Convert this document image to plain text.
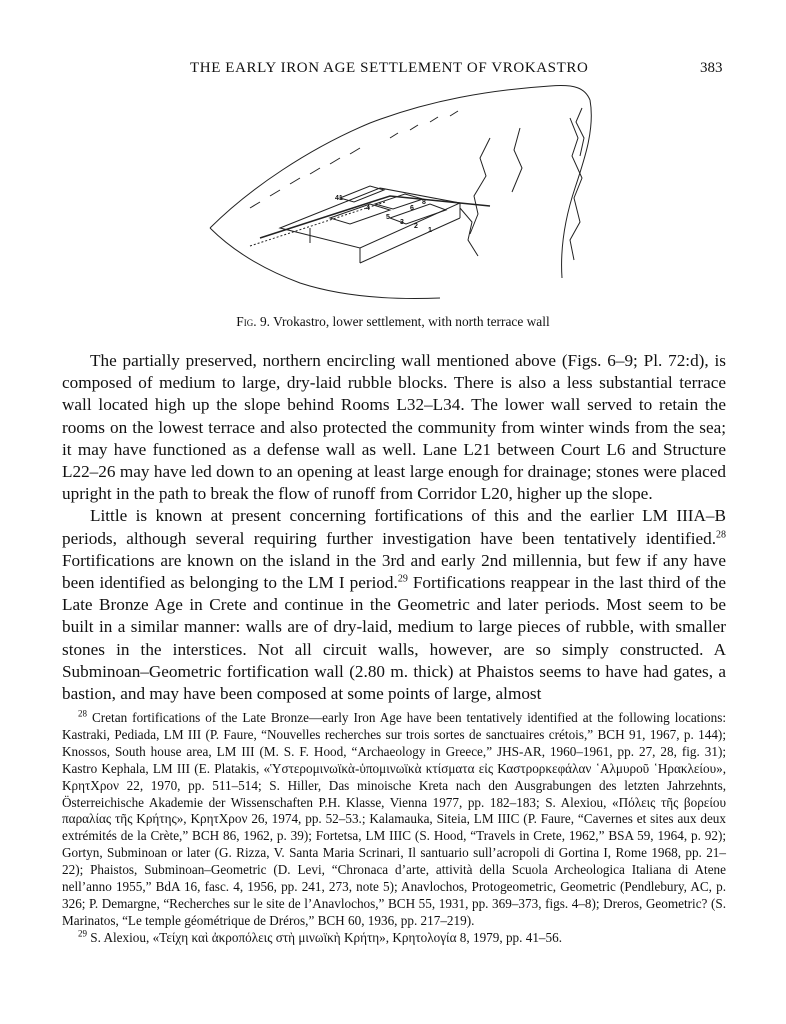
THE EARLY IRON AGE SETTLEMENT OF VROKASTRO	383
41
8
5
3
2
1
4	6
Fig. 9. Vrokastro, lower settlement, with north terrace wall

The partially preserved, northern encircling wall mentioned above (Figs. 6–9; Pl. 72:d), is composed of medium to large, dry-laid rubble blocks. There is also a less substantial terrace wall located high up the slope behind Rooms L32–L34. The lower wall served to retain the rooms on the lowest terrace and also protected the community from winter winds from the sea; it may have functioned as a defense wall as well. Lane L21 between Court L6 and Structure L22–26 may have led down to an opening at least large enough for drainage; stones were placed upright in the path to break the flow of runoff from Corridor L20, higher up the slope.

Little is known at present concerning fortifications of this and the earlier LM IIIA–B periods, although several requiring further investigation have been tentatively identified.$^{28}$ Fortifications are known on the island in the 3rd and early 2nd millennia, but few if any have been identified as belonging to the LM I period.$^{29}$ Fortifications reappear in the last third of the Late Bronze Age in Crete and continue in the Geometric and later periods. Most seem to be built in a similar manner: walls are of dry-laid, medium to large pieces of rubble, with smaller stones in the interstices. Not all circuit walls, however, are so simply constructed. A Subminoan–Geometric fortification wall (2.80 m. thick) at Phaistos seems to have had gates, a bastion, and may have been composed at some points of large, almost

$^{28}$ Cretan fortifications of the Late Bronze—early Iron Age have been tentatively identified at the following locations: Kastraki, Pediada, LM III (P. Faure, “Nouvelles recherches sur trois sortes de sanctuaires crétois,” BCH 91, 1967, p. 144); Knossos, South house area, LM III (M. S. F. Hood, “Archaeology in Greece,” JHS-AR, 1960–1961, pp. 27, 28, fig. 31); Kastro Kephala, LM III (E. Platakis, «Ὑστερομινωϊκὰ-ὑπομινωϊκὰ κτίσματα εἰς Καστρορκεφάλαν ῾Αλμυροῦ ῾Ηρακλείου», ΚρητΧρον 22, 1970, pp. 511–514; S. Hiller, Das minoische Kreta nach den Ausgrabungen des letzten Jahrzehnts, Österreichische Akademie der Wissenschaften P.H. Klasse, Vienna 1977, pp. 182–183; S. Alexiou, «Πόλεις τῆς βορείου παραλίας τῆς Κρήτης», ΚρητΧρον 26, 1974, pp. 52–53.; Kalamauka, Siteia, LM IIIC (P. Faure, “Cavernes et sites aux deux extrémités de la Crète,” BCH 86, 1962, p. 39); Fortetsa, LM IIIC (S. Hood, “Travels in Crete, 1962,” BSA 59, 1964, p. 92); Gortyn, Subminoan or later (G. Rizza, V. Santa Maria Scrinari, Il santuario sull’acropoli di Gortina I, Rome 1968, pp. 21–22); Phaistos, Subminoan–Geometric (D. Levi, “Chronaca d’arte, attività della Scuola Archeologica Italiana di Atene nell’anno 1955,” BdA 16, fasc. 4, 1956, pp. 241, 273, note 5); Anavlochos, Protogeometric, Geometric (Pendlebury, AC, p. 326; P. Demargne, “Recherches sur le site de l’Anavlochos,” BCH 55, 1931, pp. 369–373, figs. 4–8); Dreros, Geometric? (S. Marinatos, “Le temple géométrique de Dréros,” BCH 60, 1936, pp. 217–219).

$^{29}$ S. Alexiou, «Τείχη καὶ ἀκροπόλεις στὴ μινωϊκὴ Κρήτη», Κρητολογία 8, 1979, pp. 41–56.
